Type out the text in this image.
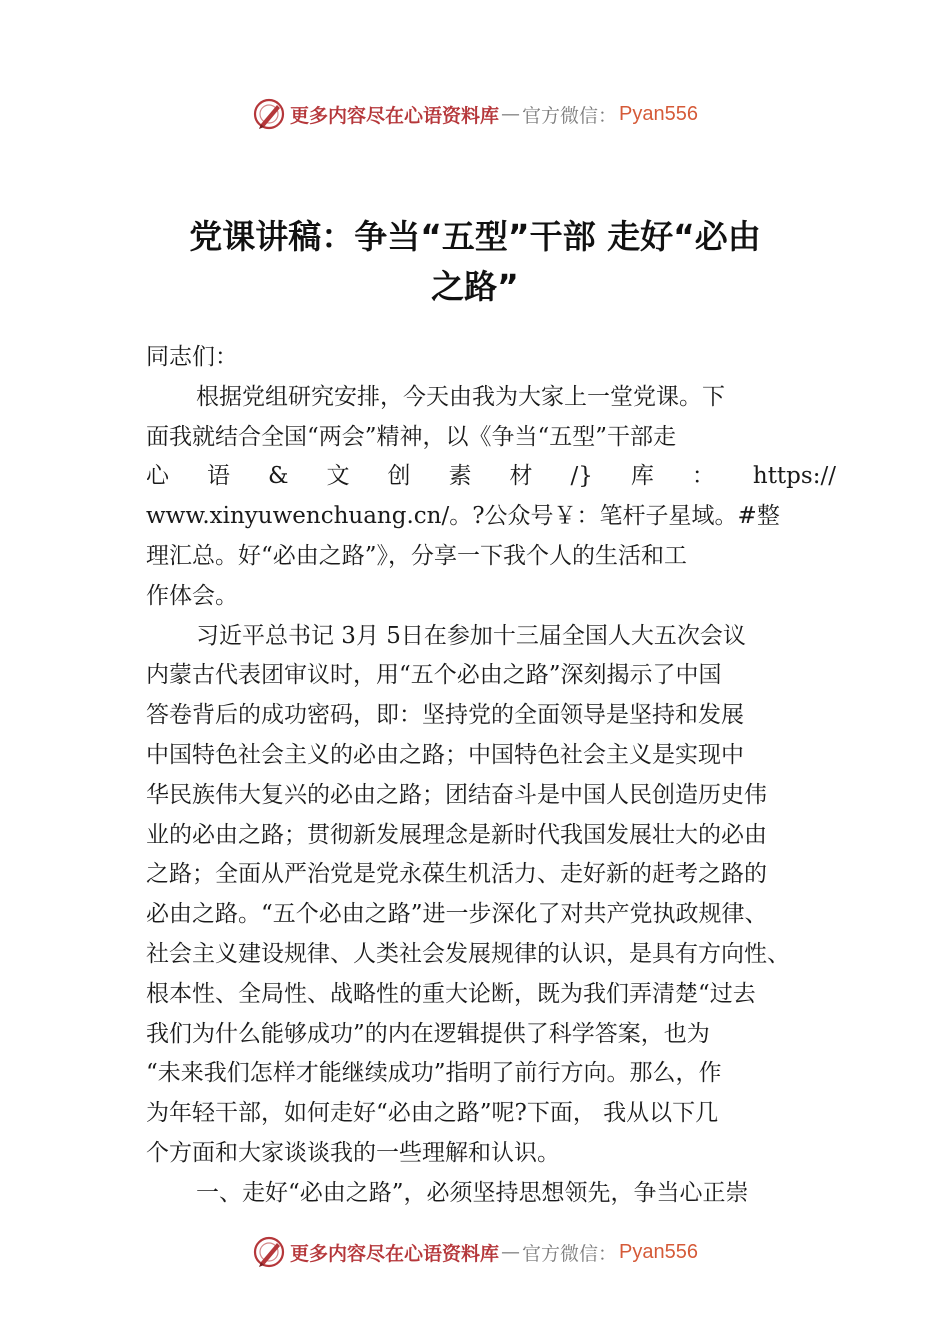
更多内容尽在心语资料库 — 官方微信： Pyan556
党课讲稿：争当“五型”干部 走好“必由
之路”
同志们：
根据党组研究安排，今天由我为大家上一堂党课。下
面我就结合全国“两会”精神，以《争当“五型”干部走
心 语 & 文 创 素 材 /} 库 ： https://
www.xinyuwenchuang.cn/。?公众号￥：笔杆子星域。#整
理汇总。好“必由之路”》，分享一下我个人的生活和工
作体会。
习近平总书记 3月 5日在参加十三届全国人大五次会议
内蒙古代表团审议时，用“五个必由之路”深刻揭示了中国
答卷背后的成功密码，即：坚持党的全面领导是坚持和发展
中国特色社会主义的必由之路；中国特色社会主义是实现中
华民族伟大复兴的必由之路；团结奋斗是中国人民创造历史伟
业的必由之路；贯彻新发展理念是新时代我国发展壮大的必由
之路；全面从严治党是党永葆生机活力、走好新的赶考之路的
必由之路。“五个必由之路”进一步深化了对共产党执政规律、
社会主义建设规律、人类社会发展规律的认识，是具有方向性、
根本性、全局性、战略性的重大论断，既为我们弄清楚“过去
我们为什么能够成功”的内在逻辑提供了科学答案，也为
“未来我们怎样才能继续成功”指明了前行方向。那么，作
为年轻干部，如何走好“必由之路”呢?下面， 我从以下几
个方面和大家谈谈我的一些理解和认识。
一、走好“必由之路”，必须坚持思想领先，争当心正崇
更多内容尽在心语资料库 — 官方微信： Pyan556
